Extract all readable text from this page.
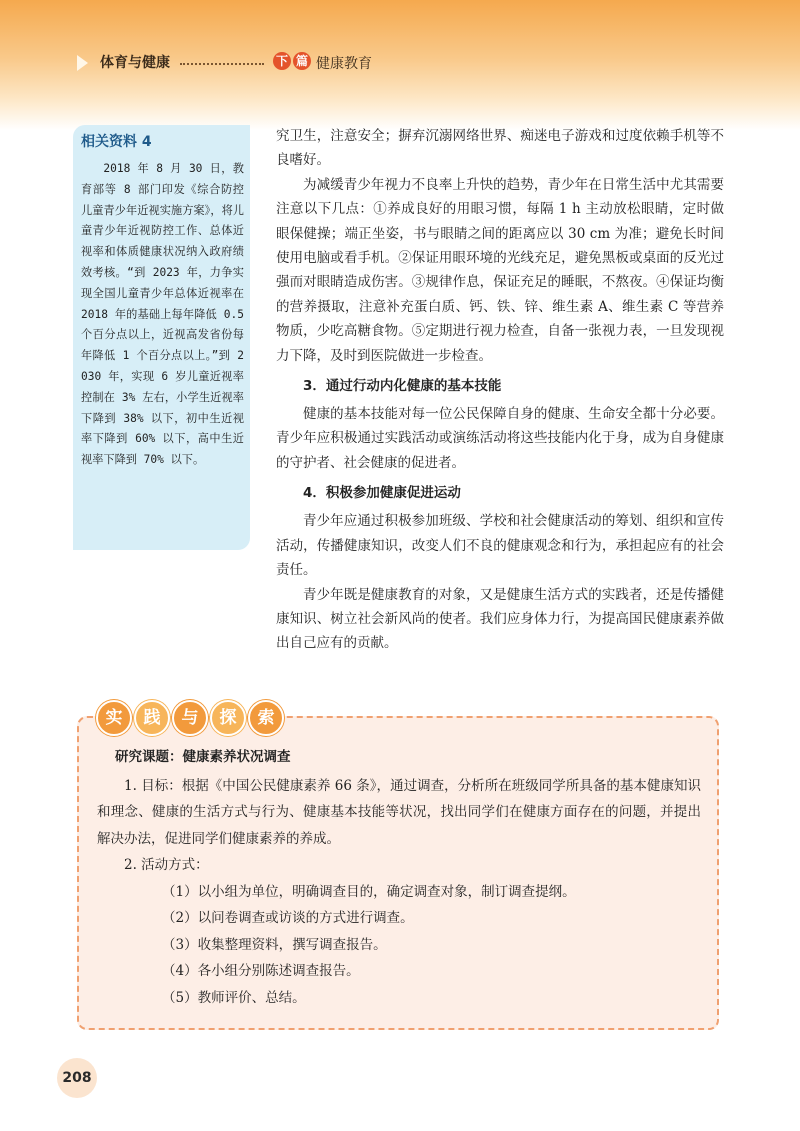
体育与健康	下 篇 健康教育
相关资料 4
2018 年 8 月 30 日，教育部等 8 部门印发《综合防控儿童青少年近视实施方案》，将儿童青少年近视防控工作、总体近视率和体质健康状况纳入政府绩效考核。“到 2023 年，力争实现全国儿童青少年总体近视率在 2018 年的基础上每年降低 0.5 个百分点以上，近视高发省份每年降低 1 个百分点以上。”到 2030 年，实现 6 岁儿童近视率控制在 3% 左右，小学生近视率下降到 38% 以下，初中生近视率下降到 60% 以下，高中生近视率下降到 70% 以下。

究卫生，注意安全；摒弃沉溺网络世界、痴迷电子游戏和过度依赖手机等不良嗜好。

为减缓青少年视力不良率上升快的趋势，青少年在日常生活中尤其需要注意以下几点：①养成良好的用眼习惯，每隔 1 h 主动放松眼睛，定时做眼保健操；端正坐姿，书与眼睛之间的距离应以 30 cm 为准；避免长时间使用电脑或看手机。②保证用眼环境的光线充足，避免黑板或桌面的反光过强而对眼睛造成伤害。③规律作息，保证充足的睡眠，不熬夜。④保证均衡的营养摄取，注意补充蛋白质、钙、铁、锌、维生素 A、维生素 C 等营养物质，少吃高糖食物。⑤定期进行视力检查，自备一张视力表，一旦发现视力下降，及时到医院做进一步检查。

3．通过行动内化健康的基本技能

健康的基本技能对每一位公民保障自身的健康、生命安全都十分必要。青少年应积极通过实践活动或演练活动将这些技能内化于身，成为自身健康的守护者、社会健康的促进者。

4．积极参加健康促进运动

青少年应通过积极参加班级、学校和社会健康活动的筹划、组织和宣传活动，传播健康知识，改变人们不良的健康观念和行为，承担起应有的社会责任。

青少年既是健康教育的对象，又是健康生活方式的实践者，还是传播健康知识、树立社会新风尚的使者。我们应身体力行，为提高国民健康素养做出自己应有的贡献。

研究课题：健康素养状况调查

1. 目标：根据《中国公民健康素养 66 条》，通过调查，分析所在班级同学所具备的基本健康知识和理念、健康的生活方式与行为、健康基本技能等状况，找出同学们在健康方面存在的问题，并提出解决办法，促进同学们健康素养的养成。

2. 活动方式：

（1）以小组为单位，明确调查目的，确定调查对象，制订调查提纲。

（2）以问卷调查或访谈的方式进行调查。

（3）收集整理资料，撰写调查报告。

（4）各小组分别陈述调查报告。

（5）教师评价、总结。

实	践	与	探	索
208
